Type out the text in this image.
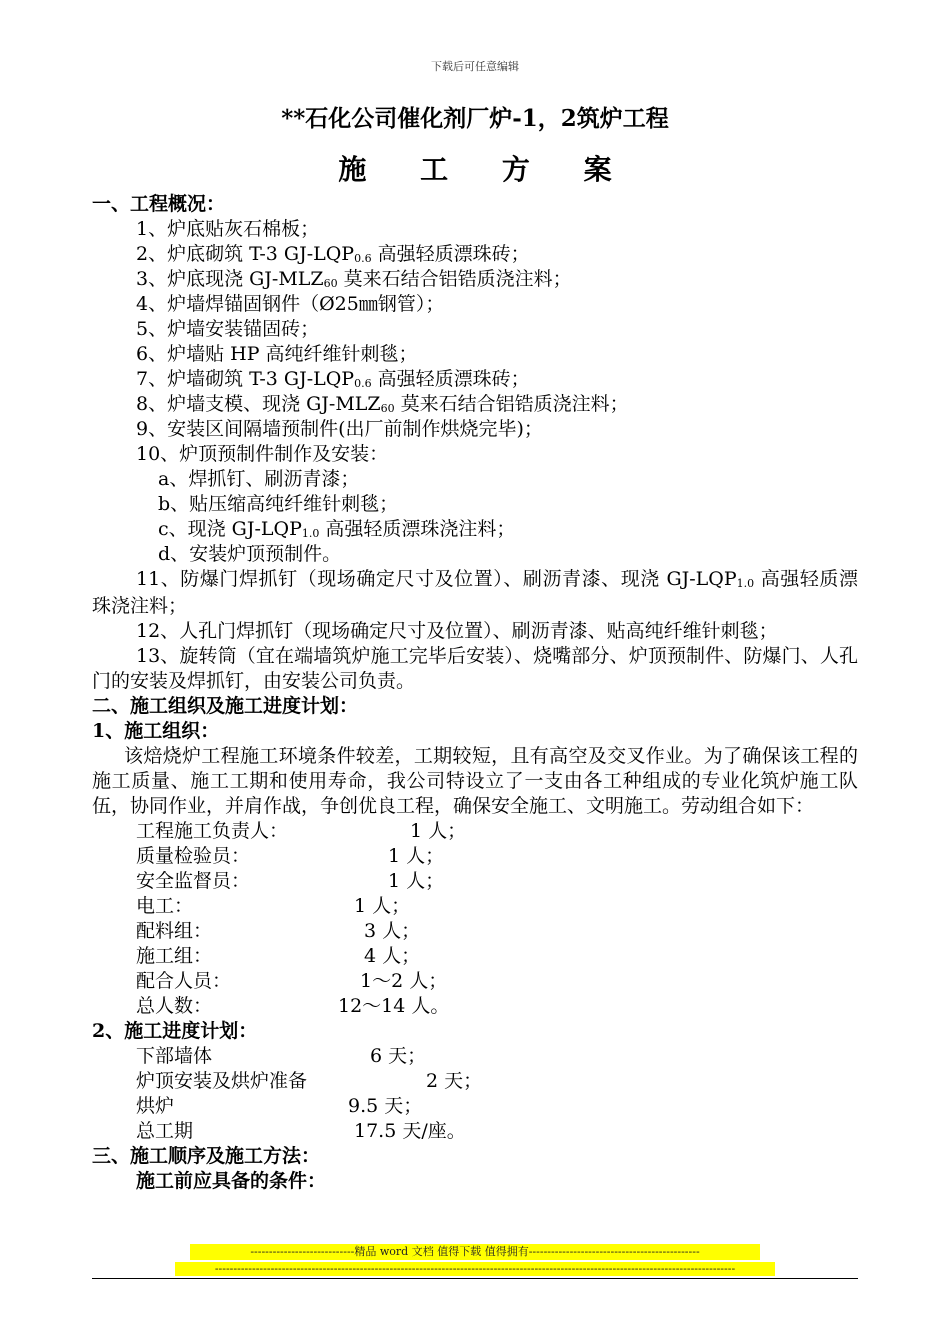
下载后可任意编辑
**石化公司催化剂厂炉-1，2筑炉工程
施 工 方 案
一、工程概况：
1、炉底贴灰石棉板；
2、炉底砌筑 T-3 $GJ-LQP_{0.6}$ 高强轻质漂珠砖；
3、炉底现浇 $GJ-MLZ_{60}$ 莫来石结合铝锆质浇注料；
4、炉墙焊锚固钢件（Ø25㎜钢管）；
5、炉墙安装锚固砖；
6、炉墙贴 HP 高纯纤维针刺毯；
7、炉墙砌筑 T-3 $GJ-LQP_{0.6}$ 高强轻质漂珠砖；
8、炉墙支模、现浇 $GJ-MLZ_{60}$ 莫来石结合铝锆质浇注料；
9、安装区间隔墙预制件(出厂前制作烘烧完毕)；
10、炉顶预制件制作及安装：
a、焊抓钉、刷沥青漆；
b、贴压缩高纯纤维针刺毯；
c、现浇 $GJ-LQP_{1.0}$ 高强轻质漂珠浇注料；
d、安装炉顶预制件。
11、防爆门焊抓钉（现场确定尺寸及位置）、刷沥青漆、现浇 $GJ-LQP_{1.0}$ 高强轻质漂珠浇注料；
12、人孔门焊抓钉（现场确定尺寸及位置）、刷沥青漆、贴高纯纤维针刺毯；
13、旋转筒（宜在端墙筑炉施工完毕后安装）、烧嘴部分、炉顶预制件、防爆门、人孔门的安装及焊抓钉，由安装公司负责。
二、施工组织及施工进度计划：
1、施工组织：
该焙烧炉工程施工环境条件较差，工期较短，且有高空及交叉作业。为了确保该工程的施工质量、施工工期和使用寿命，我公司特设立了一支由各工种组成的专业化筑炉施工队伍，协同作业，并肩作战，争创优良工程，确保安全施工、文明施工。劳动组合如下：
工程施工负责人：	1 人；
质量检验员：	1 人；
安全监督员：	1 人；
电工：	1 人；
配料组：	3 人；
施工组：	4 人；
配合人员：	1～2 人；
总人数：	12～14 人。
2、施工进度计划：
下部墙体	6 天；
炉顶安装及烘炉准备	2 天；
烘炉	9.5 天；
总工期	17.5 天/座。
三、施工顺序及施工方法：
施工前应具备的条件：
----------------------------精品 word 文档 值得下载 值得拥有----------------------------------------------
--------------------------------------------------------------------------------------------------------------------------------------------
